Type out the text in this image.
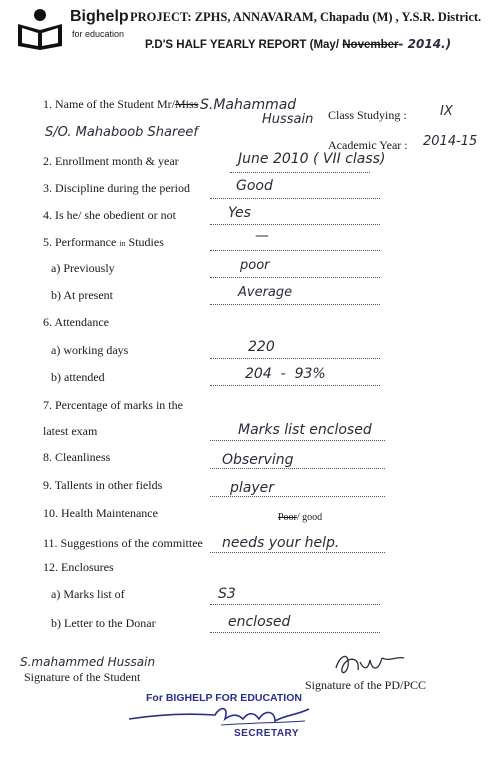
Bighelp
for education
PROJECT: ZPHS, ANNAVARAM, Chapadu (M) , Y.S.R. District.
P.D'S HALF YEARLY REPORT (May/ November- 2014.)
1. Name of the Student Mr/Miss S.Mahammad
Hussain
S/O. Mahaboob Shareef
Class Studying :	IX
Academic Year : 2014-15
2. Enrollment month & year	June 2010 ( VII class)
3. Discipline during the period	Good
4. Is he/ she obedient or not	Yes
5. Performance in Studies	—
a) Previously	poor
b) At present	Average
6. Attendance
a) working days	220
b) attended	204  -  93%
7. Percentage of marks in the
latest exam	Marks list enclosed
8. Cleanliness	Observing
9. Tallents in other fields	player
10. Health Maintenance	Poor/ good
11. Suggestions of the committee needs your help.
12. Enclosures
a) Marks list of	S3
b) Letter to the Donar	enclosed
S.mahammed Hussain
Signature of the Student
Signature of the PD/PCC
For BIGHELP FOR EDUCATION
SECRETARY
